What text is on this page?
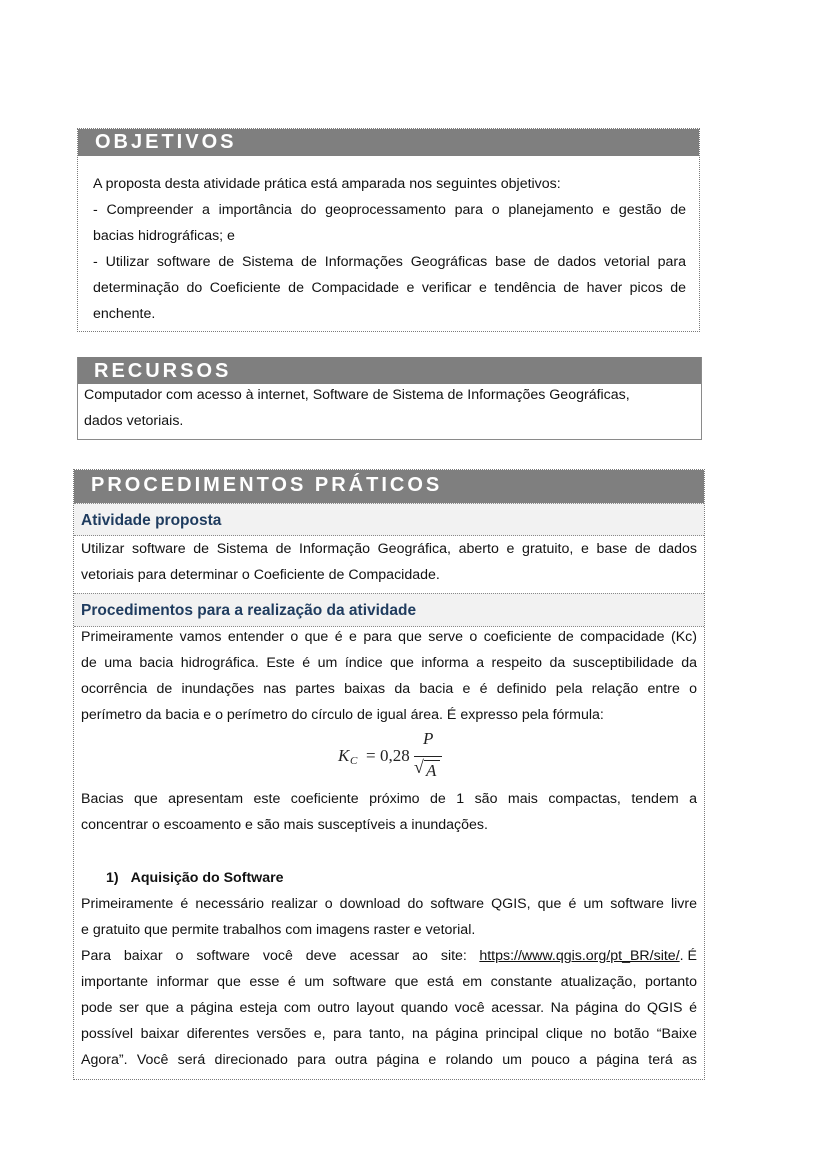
OBJETIVOS
A proposta desta atividade prática está amparada nos seguintes objetivos:
- Compreender a importância do geoprocessamento para o planejamento e gestão de
bacias hidrográficas; e
- Utilizar software de Sistema de Informações Geográficas base de dados vetorial para
determinação do Coeficiente de Compacidade e verificar e tendência de haver picos de
enchente.
RECURSOS
Computador com acesso à internet, Software de Sistema de Informações Geográficas,
dados vetoriais.
PROCEDIMENTOS PRÁTICOS
Atividade proposta
Utilizar software de Sistema de Informação Geográfica, aberto e gratuito, e base de dados
vetoriais para determinar o Coeficiente de Compacidade.
Procedimentos para a realização da atividade
Primeiramente vamos entender o que é e para que serve o coeficiente de compacidade (Kc)
de uma bacia hidrográfica. Este é um índice que informa a respeito da susceptibilidade da
ocorrência de inundações nas partes baixas da bacia e é definido pela relação entre o
perímetro da bacia e o perímetro do círculo de igual área. É expresso pela fórmula:
K C = 0,28
P
√ A
Bacias que apresentam este coeficiente próximo de 1 são mais compactas, tendem a
concentrar o escoamento e são mais susceptíveis a inundações.
1) Aquisição do Software
Primeiramente é necessário realizar o download do software QGIS, que é um software livre
e gratuito que permite trabalhos com imagens raster e vetorial.
Para baixar o software você deve acessar ao site: https://www.qgis.org/pt_BR/site/. É
importante informar que esse é um software que está em constante atualização, portanto
pode ser que a página esteja com outro layout quando você acessar. Na página do QGIS é
possível baixar diferentes versões e, para tanto, na página principal clique no botão “Baixe
Agora”. Você será direcionado para outra página e rolando um pouco a página terá as
